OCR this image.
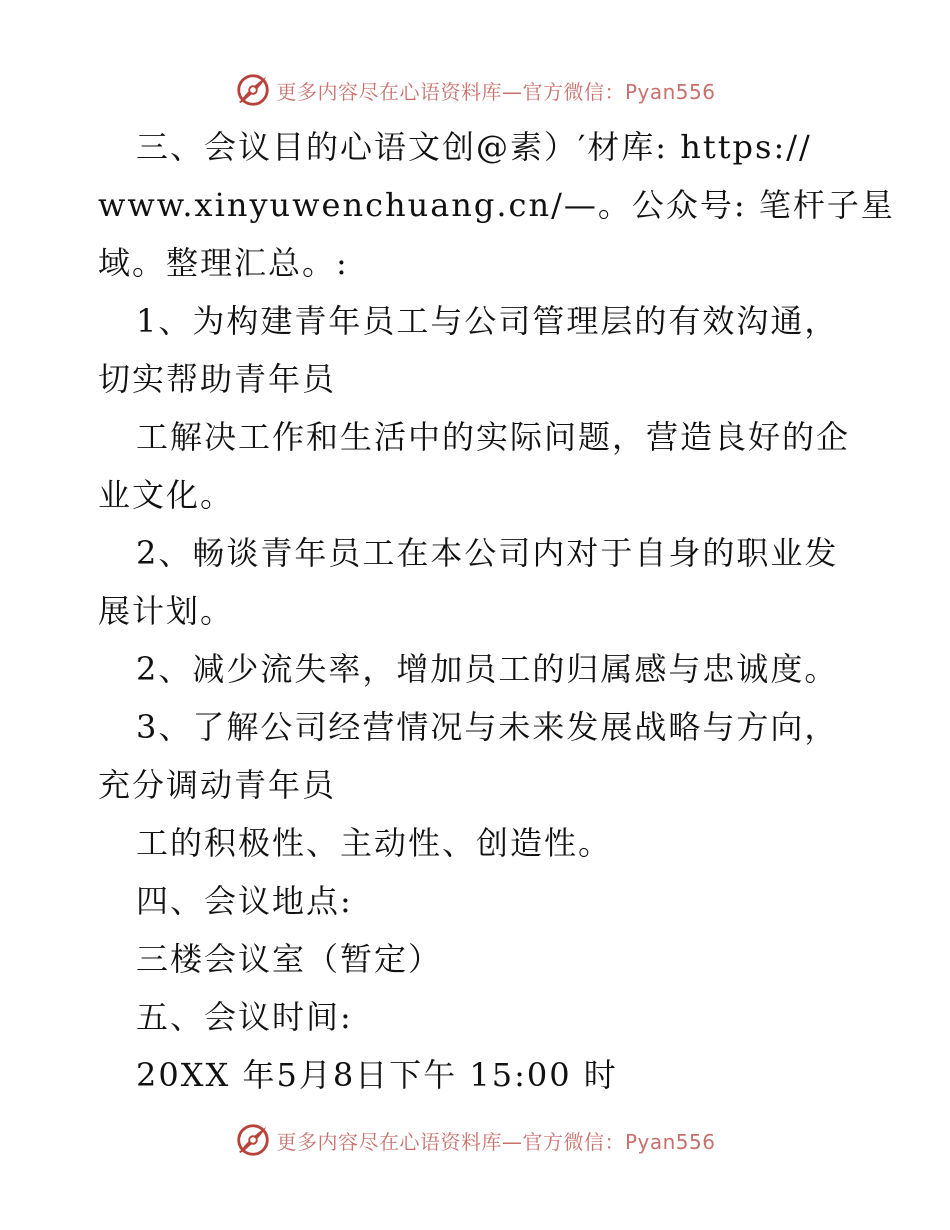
更多内容尽在心语资料库—官方微信：Pyan556
三、会议目的心语文创@素）′材库: https://
www.xinyuwenchuang.cn/—。公众号: 笔杆子星
域。整理汇总。:
1、为构建青年员工与公司管理层的有效沟通，
切实帮助青年员
工解决工作和生活中的实际问题，营造良好的企
业文化。
2、畅谈青年员工在本公司内对于自身的职业发
展计划。
2、减少流失率，增加员工的归属感与忠诚度。
3、了解公司经营情况与未来发展战略与方向，
充分调动青年员
工的积极性、主动性、创造性。
四、会议地点:
三楼会议室（暂定）
五、会议时间:
20XX 年5月8日下午 15:00 时
更多内容尽在心语资料库—官方微信：Pyan556
